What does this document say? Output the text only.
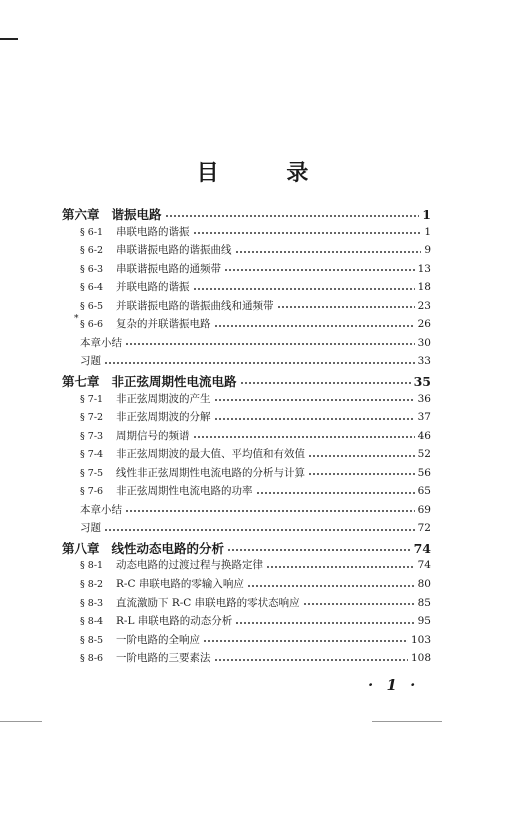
目 录
第六章 谐振电路	1
§ 6-1	串联电路的谐振	1
§ 6-2	串联谐振电路的谐振曲线	9
§ 6-3	串联谐振电路的通频带	13
§ 6-4	并联电路的谐振	18
§ 6-5	并联谐振电路的谐振曲线和通频带	23
* § 6-6	复杂的并联谐振电路	26
本章小结	30
习题	33
第七章 非正弦周期性电流电路	35
§ 7-1	非正弦周期波的产生	36
§ 7-2	非正弦周期波的分解	37
§ 7-3	周期信号的频谱	46
§ 7-4	非正弦周期波的最大值、平均值和有效值	52
§ 7-5	线性非正弦周期性电流电路的分析与计算	56
§ 7-6	非正弦周期性电流电路的功率	65
本章小结	69
习题	72
第八章 线性动态电路的分析	74
§ 8-1	动态电路的过渡过程与换路定律	74
§ 8-2	R-C 串联电路的零输入响应	80
§ 8-3	直流激励下 R-C 串联电路的零状态响应	85
§ 8-4	R-L 串联电路的动态分析	95
§ 8-5	一阶电路的全响应	103
§ 8-6	一阶电路的三要素法	108
· 1 ·
